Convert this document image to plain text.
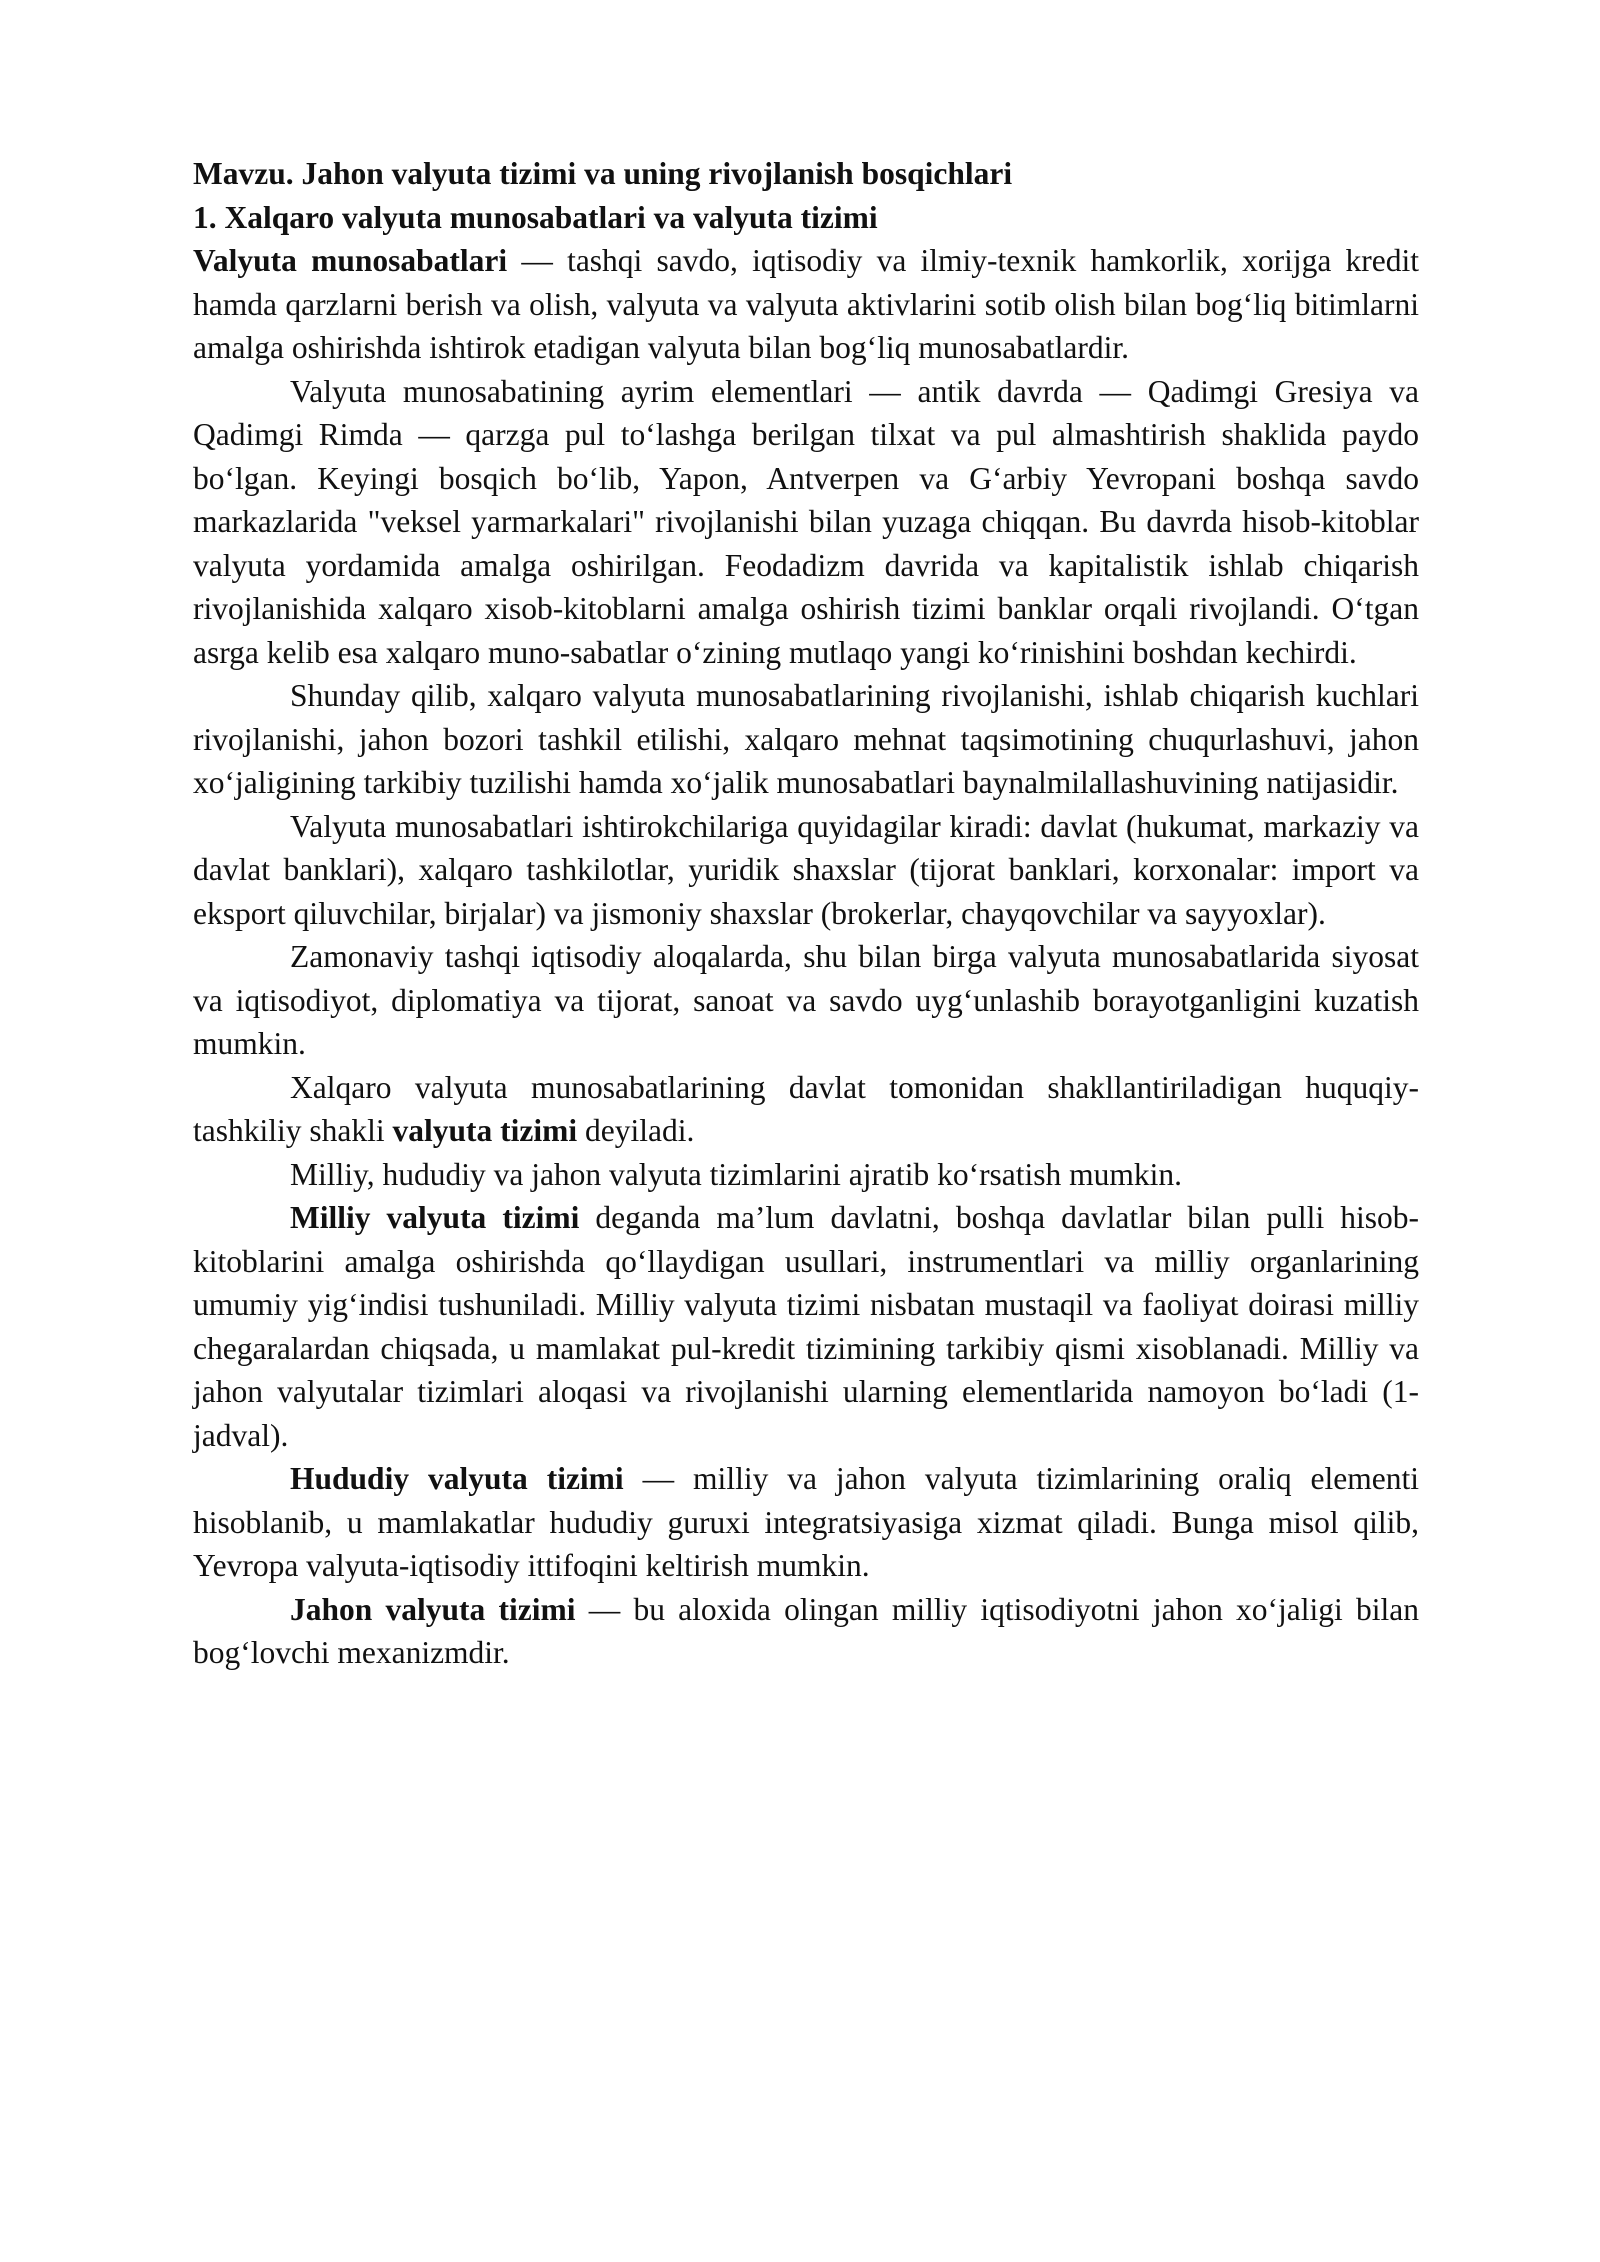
Mavzu. Jahon valyuta tizimi va uning rivojlanish bosqichlari

1. Xalqaro valyuta munosabatlari va valyuta tizimi

Valyuta munosabatlari — tashqi savdo, iqtisodiy va ilmiy-texnik hamkorlik, xorijga kredit hamda qarzlarni berish va olish, valyuta va valyuta aktivlarini sotib olish bilan bog‘liq bitimlarni amalga oshirishda ishtirok etadigan valyuta bilan bog‘liq munosabatlardir.

Valyuta munosabatining ayrim elementlari — antik davrda — Qadimgi Gresiya va Qadimgi Rimda — qarzga pul to‘lashga berilgan tilxat va pul almashtirish shaklida paydo bo‘lgan. Keyingi bosqich bo‘lib, Yapon, Antverpen va G‘arbiy Yevropani boshqa savdo markazlarida "veksel yarmarkalari" rivojlanishi bilan yuzaga chiqqan. Bu davrda hisob-kitoblar valyuta yordamida amalga oshirilgan. Feodadizm davrida va kapitalistik ishlab chiqarish rivojlanishida xalqaro xisob-kitoblarni amalga oshirish tizimi banklar orqali rivojlandi. O‘tgan asrga kelib esa xalqaro muno-sabatlar o‘zining mutlaqo yangi ko‘rinishini boshdan kechirdi.

Shunday qilib, xalqaro valyuta munosabatlarining rivojlanishi, ishlab chiqarish kuchlari rivojlanishi, jahon bozori tashkil etilishi, xalqaro mehnat taqsimotining chuqurlashuvi, jahon xo‘jaligining tarkibiy tuzilishi hamda xo‘jalik munosabatlari baynalmilallashuvining natijasidir.

Valyuta munosabatlari ishtirokchilariga quyidagilar kiradi: davlat (hukumat, markaziy va davlat banklari), xalqaro tashkilotlar, yuridik shaxslar (tijorat banklari, korxonalar: import va eksport qiluvchilar, birjalar) va jismoniy shaxslar (brokerlar, chayqovchilar va sayyoxlar).

Zamonaviy tashqi iqtisodiy aloqalarda, shu bilan birga valyuta munosabatlarida siyosat va iqtisodiyot, diplomatiya va tijorat, sanoat va savdo uyg‘unlashib borayotganligini kuzatish mumkin.

Xalqaro valyuta munosabatlarining davlat tomonidan shakllantiriladigan huquqiy-tashkiliy shakli valyuta tizimi deyiladi.

Milliy, hududiy va jahon valyuta tizimlarini ajratib ko‘rsatish mumkin.

Milliy valyuta tizimi deganda ma’lum davlatni, boshqa davlatlar bilan pulli hisob-kitoblarini amalga oshirishda qo‘llaydigan usullari, instrumentlari va milliy organlarining umumiy yig‘indisi tushuniladi. Milliy valyuta tizimi nisbatan mustaqil va faoliyat doirasi milliy chegaralardan chiqsada, u mamlakat pul-kredit tizimining tarkibiy qismi xisoblanadi. Milliy va jahon valyutalar tizimlari aloqasi va rivojlanishi ularning elementlarida namoyon bo‘ladi (1-jadval).

Hududiy valyuta tizimi — milliy va jahon valyuta tizimlarining oraliq elementi hisoblanib, u mamlakatlar hududiy guruxi integratsiyasiga xizmat qiladi. Bunga misol qilib, Yevropa valyuta-iqtisodiy ittifoqini keltirish mumkin.

Jahon valyuta tizimi — bu aloxida olingan milliy iqtisodiyotni jahon xo‘jaligi bilan bog‘lovchi mexanizmdir.
